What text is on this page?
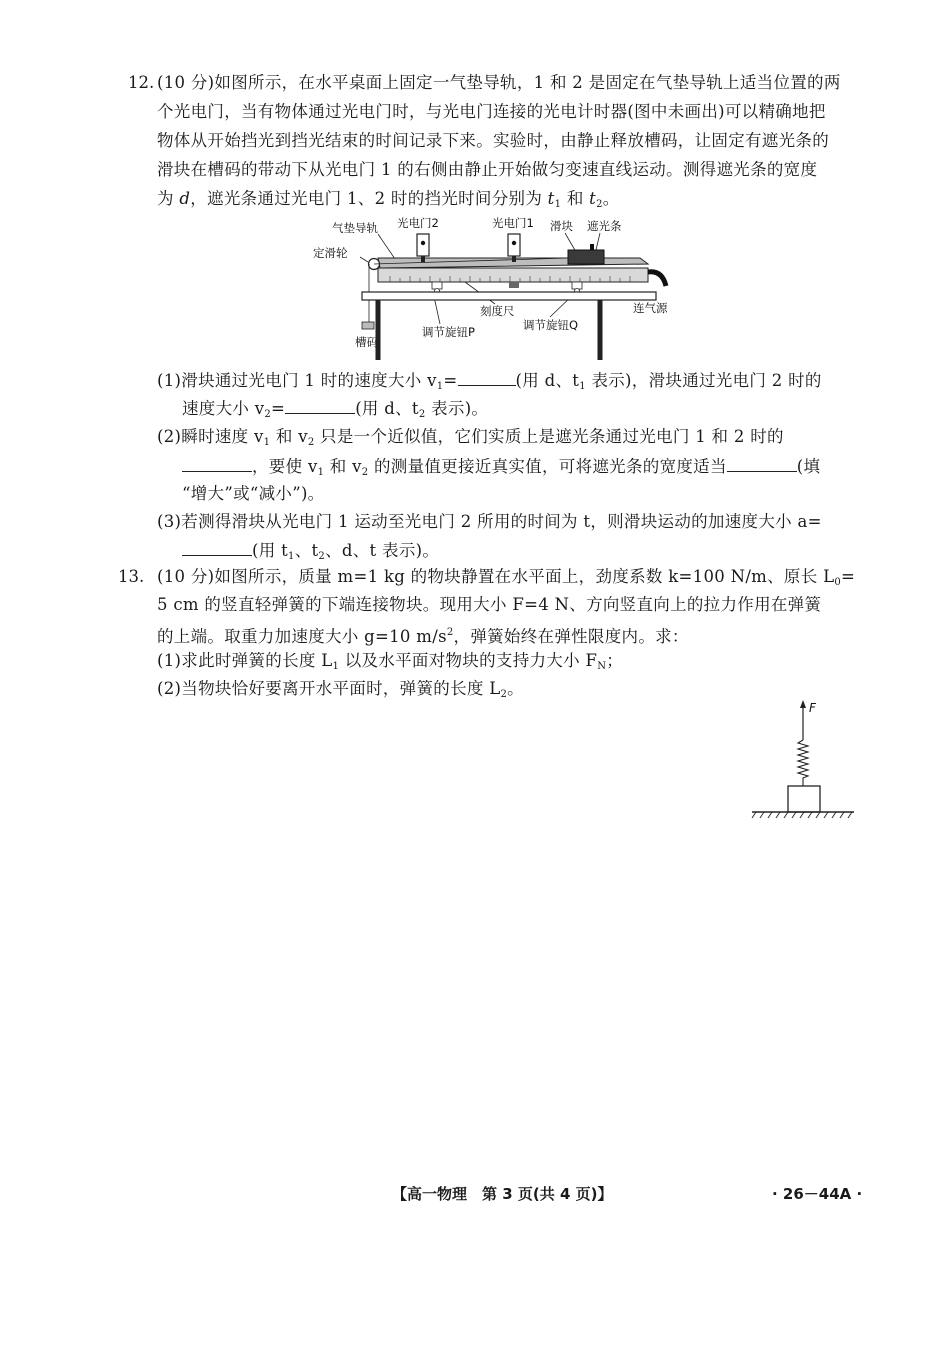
12. (10 分)如图所示，在水平桌面上固定一气垫导轨，1 和 2 是固定在气垫导轨上适当位置的两
个光电门，当有物体通过光电门时，与光电门连接的光电计时器(图中未画出)可以精确地把
物体从开始挡光到挡光结束的时间记录下来。实验时，由静止释放槽码，让固定有遮光条的
滑块在槽码的带动下从光电门 1 的右侧由静止开始做匀变速直线运动。测得遮光条的宽度
为 d，遮光条通过光电门 1、2 时的挡光时间分别为 $t_1$ 和 $t_2$。
气垫导轨 光电门2	光电门1 滑块 遮光条
定滑轮
槽码
刻度尺
调节旋钮P	调节旋钮Q
连气源
(1)滑块通过光电门 1 时的速度大小 $v_1=$	(用 d、$t_1$ 表示)，滑块通过光电门 2 时的
速度大小 $v_2=$	(用 d、$t_2$ 表示)。
(2)瞬时速度 $v_1$ 和 $v_2$ 只是一个近似值，它们实质上是遮光条通过光电门 1 和 2 时的
，要使 $v_1$ 和 $v_2$ 的测量值更接近真实值，可将遮光条的宽度适当	(填
“增大”或“减小”)。
(3)若测得滑块从光电门 1 运动至光电门 2 所用的时间为 t，则滑块运动的加速度大小 a=
(用 $t_1$、$t_2$、d、t 表示)。
13. (10 分)如图所示，质量 m=1 kg 的物块静置在水平面上，劲度系数 k=100 N/m、原长 $L_0=$
5 cm 的竖直轻弹簧的下端连接物块。现用大小 F=4 N、方向竖直向上的拉力作用在弹簧
的上端。取重力加速度大小 g=10 $m/s^2$，弹簧始终在弹性限度内。求：
(1)求此时弹簧的长度 $L_1$ 以及水平面对物块的支持力大小 $F_N$；
(2)当物块恰好要离开水平面时，弹簧的长度 $L_2$。
F
【高一物理　第 3 页(共 4 页)】	· 26－44A ·
